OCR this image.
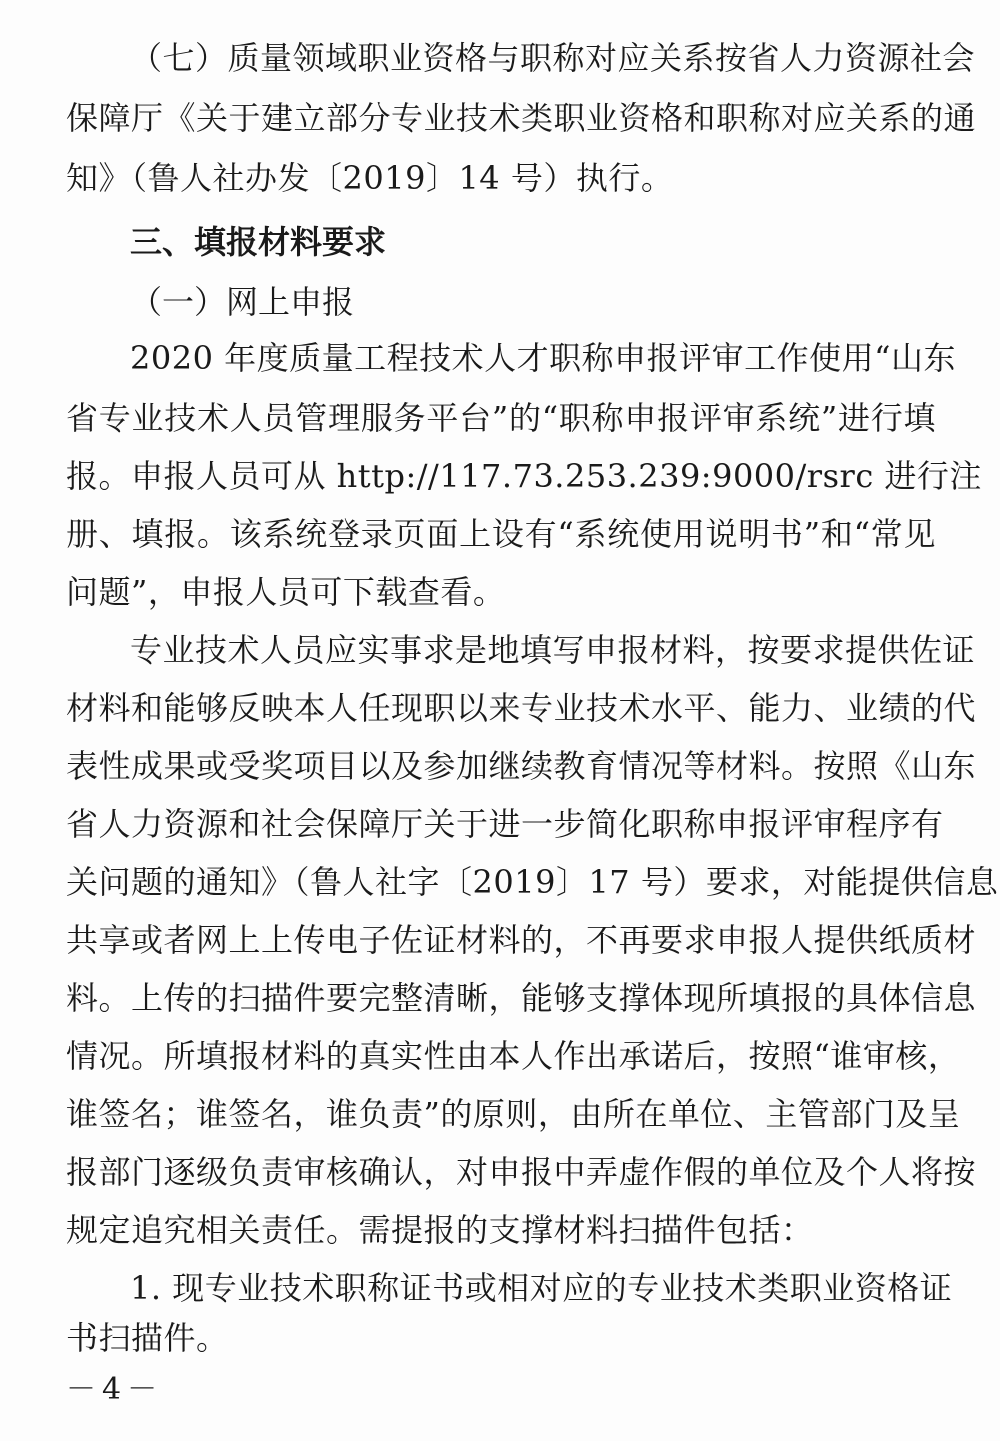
（七）质量领域职业资格与职称对应关系按省人力资源社会
保障厅《关于建立部分专业技术类职业资格和职称对应关系的通
知》（鲁人社办发〔2019〕14 号）执行。
三、填报材料要求
（一）网上申报
2020 年度质量工程技术人才职称申报评审工作使用“山东
省专业技术人员管理服务平台”的“职称申报评审系统”进行填
报。申报人员可从 http://117.73.253.239:9000/rsrc 进行注
册、填报。该系统登录页面上设有“系统使用说明书”和“常见
问题”，申报人员可下载查看。
专业技术人员应实事求是地填写申报材料，按要求提供佐证
材料和能够反映本人任现职以来专业技术水平、能力、业绩的代
表性成果或受奖项目以及参加继续教育情况等材料。按照《山东
省人力资源和社会保障厅关于进一步简化职称申报评审程序有
关问题的通知》（鲁人社字〔2019〕17 号）要求，对能提供信息
共享或者网上上传电子佐证材料的，不再要求申报人提供纸质材
料。上传的扫描件要完整清晰，能够支撑体现所填报的具体信息
情况。所填报材料的真实性由本人作出承诺后，按照“谁审核，
谁签名；谁签名，谁负责”的原则，由所在单位、主管部门及呈
报部门逐级负责审核确认，对申报中弄虚作假的单位及个人将按
规定追究相关责任。需提报的支撑材料扫描件包括：
1. 现专业技术职称证书或相对应的专业技术类职业资格证
书扫描件。
－4－
